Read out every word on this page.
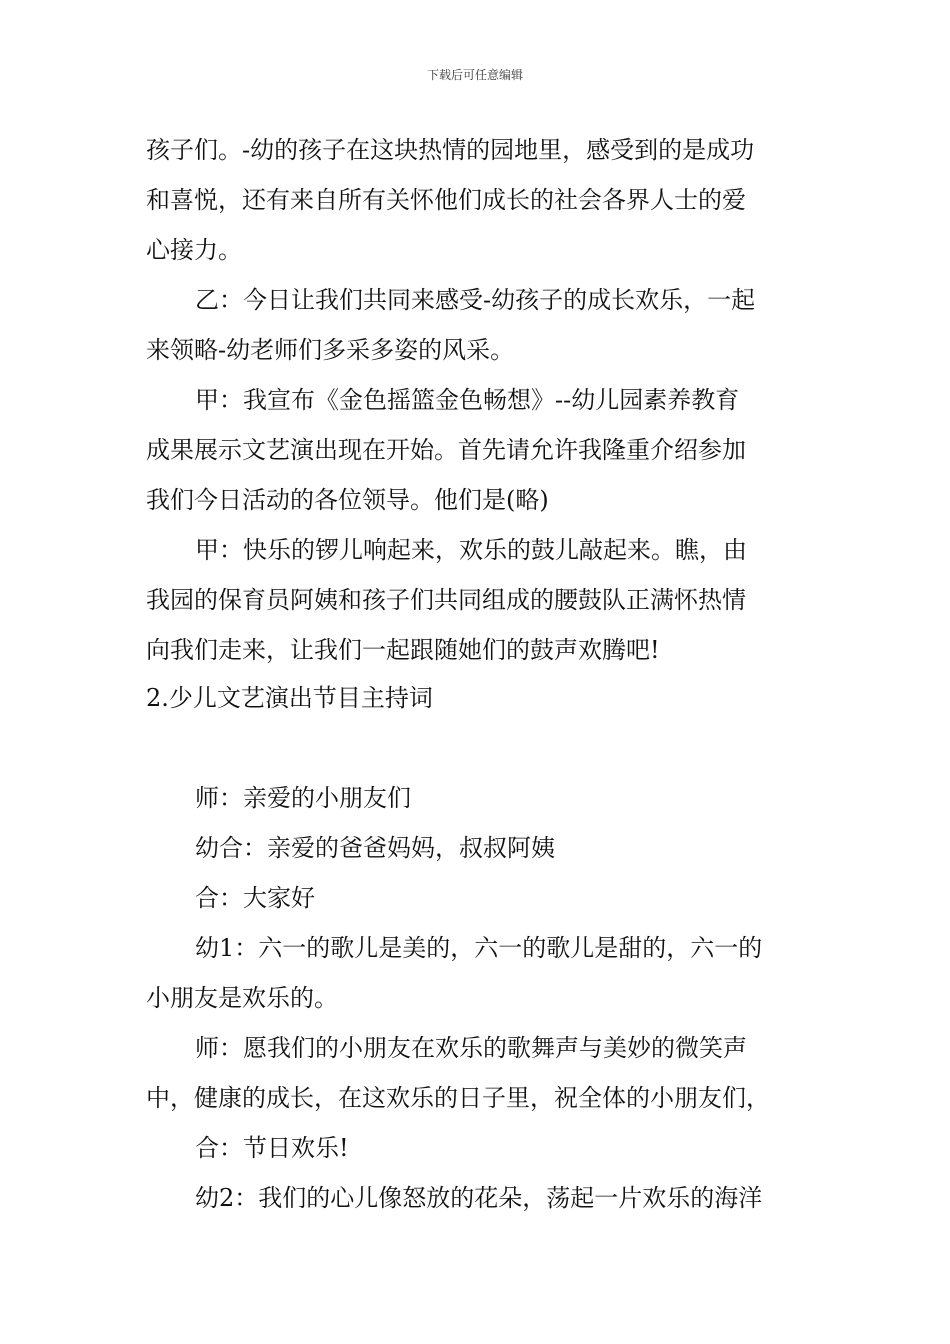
下载后可任意编辑
孩子们。-幼的孩子在这块热情的园地里，感受到的是成功
和喜悦，还有来自所有关怀他们成长的社会各界人士的爱
心接力。
乙：今日让我们共同来感受-幼孩子的成长欢乐，一起
来领略-幼老师们多采多姿的风采。
甲：我宣布《金色摇篮金色畅想》--幼儿园素养教育
成果展示文艺演出现在开始。首先请允许我隆重介绍参加
我们今日活动的各位领导。他们是(略)
甲：快乐的锣儿响起来，欢乐的鼓儿敲起来。瞧，由
我园的保育员阿姨和孩子们共同组成的腰鼓队正满怀热情
向我们走来，让我们一起跟随她们的鼓声欢腾吧!
2.少儿文艺演出节目主持词
师：亲爱的小朋友们
幼合：亲爱的爸爸妈妈，叔叔阿姨
合：大家好
幼1：六一的歌儿是美的，六一的歌儿是甜的，六一的
小朋友是欢乐的。
师：愿我们的小朋友在欢乐的歌舞声与美妙的微笑声
中，健康的成长，在这欢乐的日子里，祝全体的小朋友们，
合：节日欢乐!
幼2：我们的心儿像怒放的花朵，荡起一片欢乐的海洋
